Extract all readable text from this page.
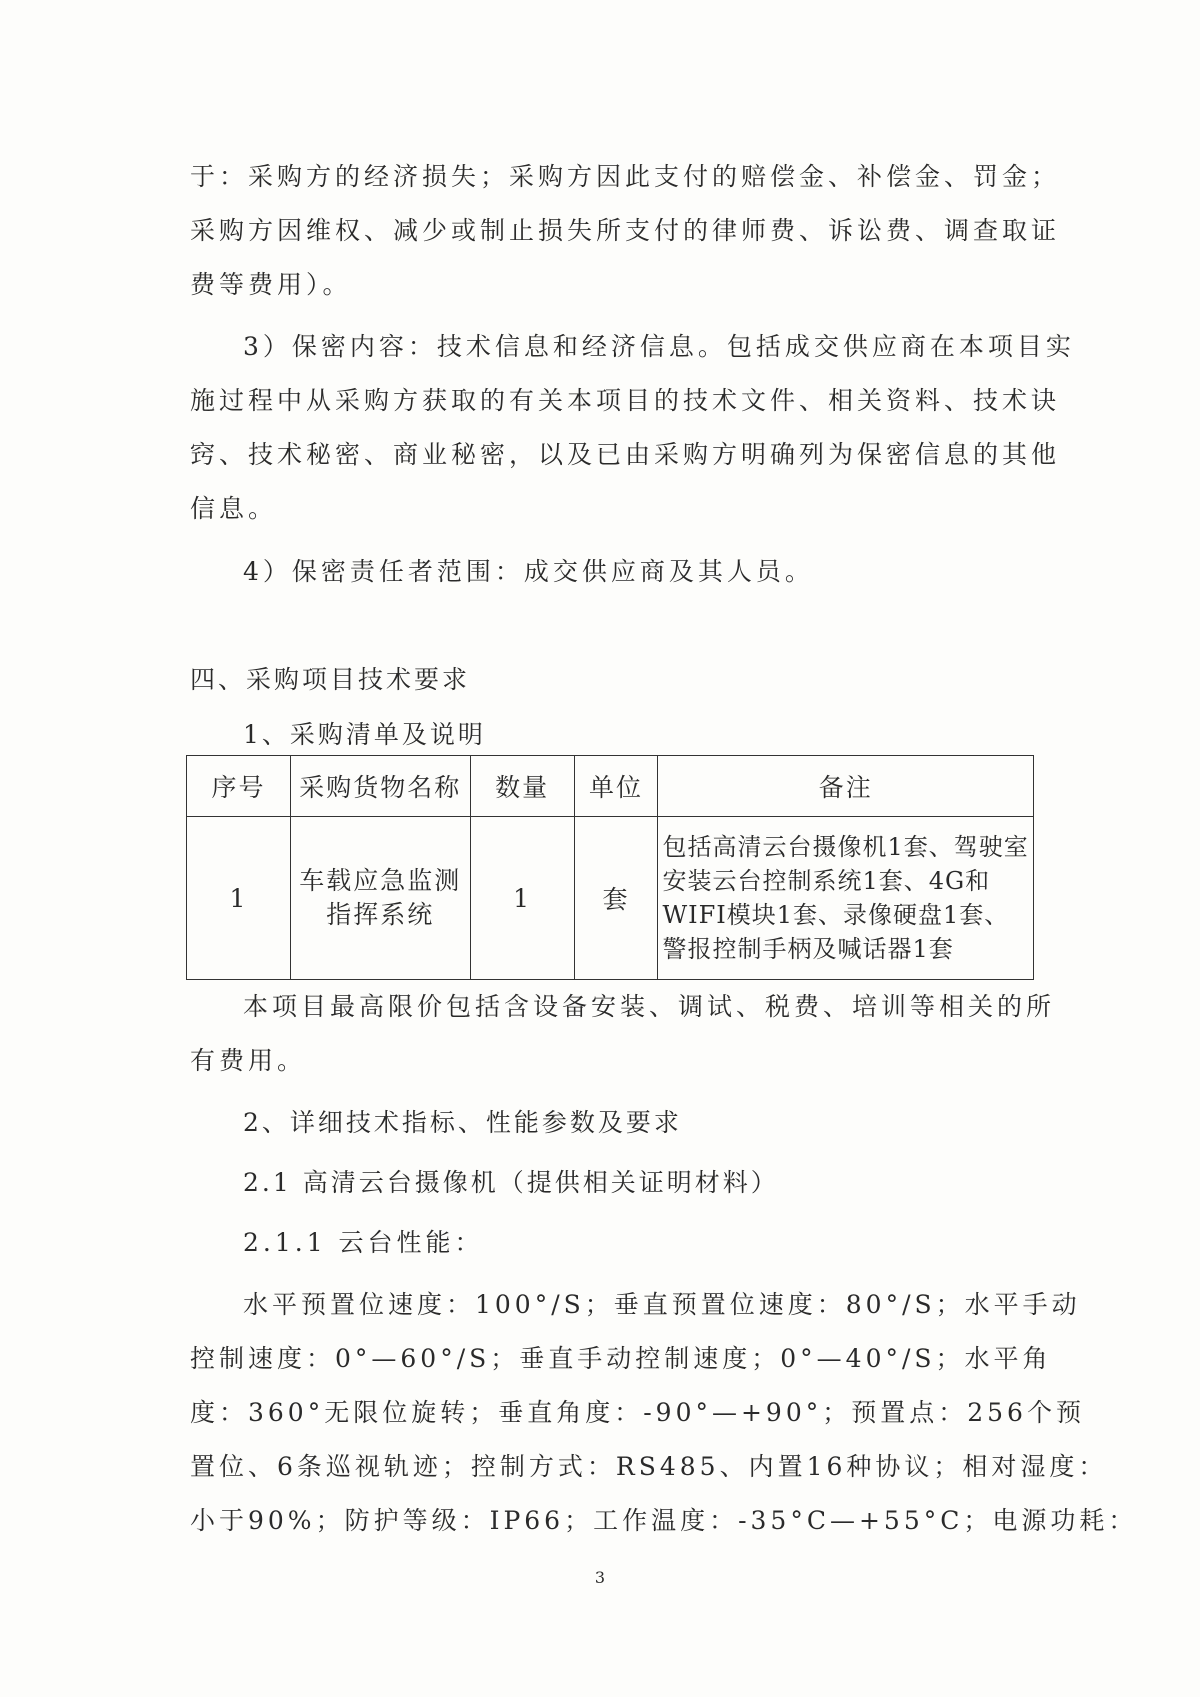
于：采购方的经济损失；采购方因此支付的赔偿金、补偿金、罚金；
采购方因维权、减少或制止损失所支付的律师费、诉讼费、调查取证
费等费用）。
3）保密内容：技术信息和经济信息。包括成交供应商在本项目实
施过程中从采购方获取的有关本项目的技术文件、相关资料、技术诀
窍、技术秘密、商业秘密，以及已由采购方明确列为保密信息的其他
信息。
4）保密责任者范围：成交供应商及其人员。
四、采购项目技术要求
1、采购清单及说明
序号	采购货物名称	数量	单位	备注
1	车载应急监测指挥系统	1	套	包括高清云台摄像机1套、驾驶室安装云台控制系统1套、4G和WIFI模块1套、录像硬盘1套、警报控制手柄及喊话器1套
本项目最高限价包括含设备安装、调试、税费、培训等相关的所
有费用。
2、详细技术指标、性能参数及要求
2.1 高清云台摄像机（提供相关证明材料）
2.1.1 云台性能：
水平预置位速度：100°/S；垂直预置位速度：80°/S；水平手动
控制速度：0°—60°/S；垂直手动控制速度；0°—40°/S；水平角
度：360°无限位旋转；垂直角度：-90°—+90°；预置点：256个预
置位、6条巡视轨迹；控制方式：RS485、内置16种协议；相对湿度：
小于90%；防护等级：IP66；工作温度：-35°C—+55°C；电源功耗：
3
